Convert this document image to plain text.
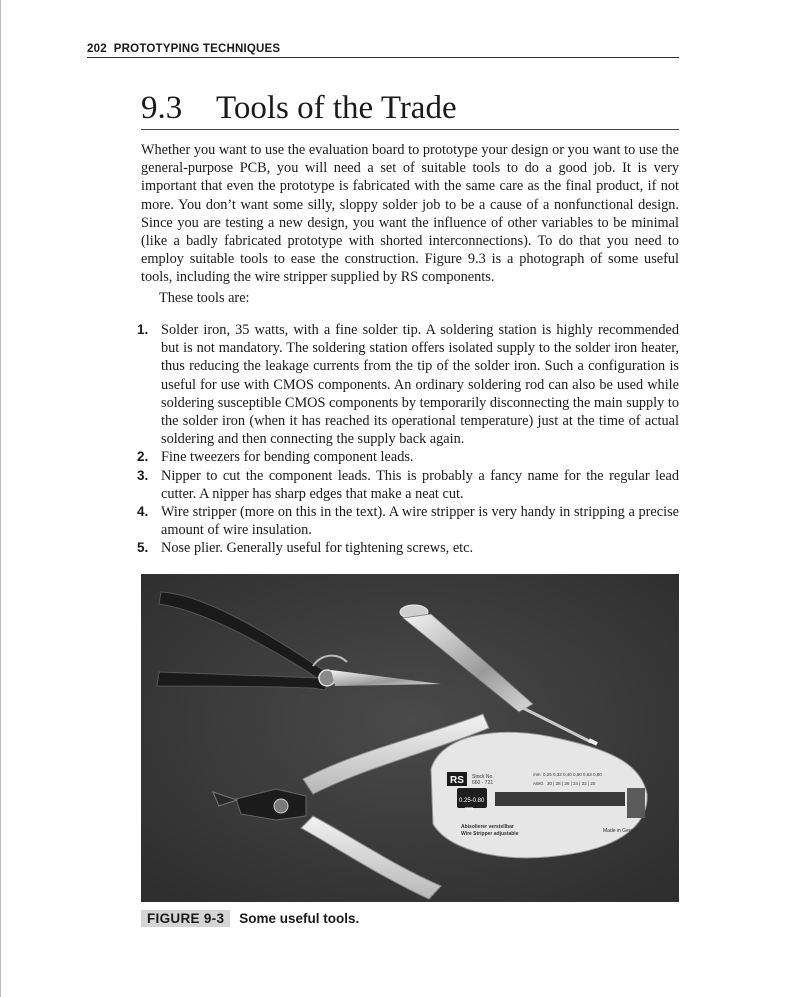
202 PROTOTYPING TECHNIQUES
9.3 Tools of the Trade

Whether you want to use the evaluation board to prototype your design or you want to use the general-purpose PCB, you will need a set of suitable tools to do a good job. It is very important that even the prototype is fabricated with the same care as the final product, if not more. You don’t want some silly, sloppy solder job to be a cause of a nonfunctional design. Since you are testing a new design, you want the influence of other variables to be minimal (like a badly fabricated prototype with shorted interconnections). To do that you need to employ suitable tools to ease the construction. Figure 9.3 is a photograph of some useful tools, including the wire stripper supplied by RS components.

These tools are:

1. Solder iron, 35 watts, with a fine solder tip. A soldering station is highly recommended but is not mandatory. The soldering station offers isolated supply to the solder iron heater, thus reducing the leakage currents from the tip of the solder iron. Such a configuration is useful for use with CMOS components. An ordinary soldering rod can also be used while soldering susceptible CMOS components by temporarily disconnecting the main supply to the solder iron (when it has reached its operational temperature) just at the time of actual soldering and then connecting the supply back again.
2. Fine tweezers for bending component leads.
3. Nipper to cut the component leads. This is probably a fancy name for the regular lead cutter. A nipper has sharp edges that make a neat cut.
4. Wire stripper (more on this in the text). A wire stripper is very handy in stripping a precise amount of wire insulation.
5. Nose plier. Generally useful for tightening screws, etc.
RS Stock No.
660 - 721
mm 0,25 0,32 0,40 0,50 0,63 0,80
AWG 30 | 28 | 26 | 24 | 22 | 20
0.25-0.80
mm
Abisolierer verstellbar
Wire Stripper adjustable	Made in Germany
FIGURE 9-3	Some useful tools.
